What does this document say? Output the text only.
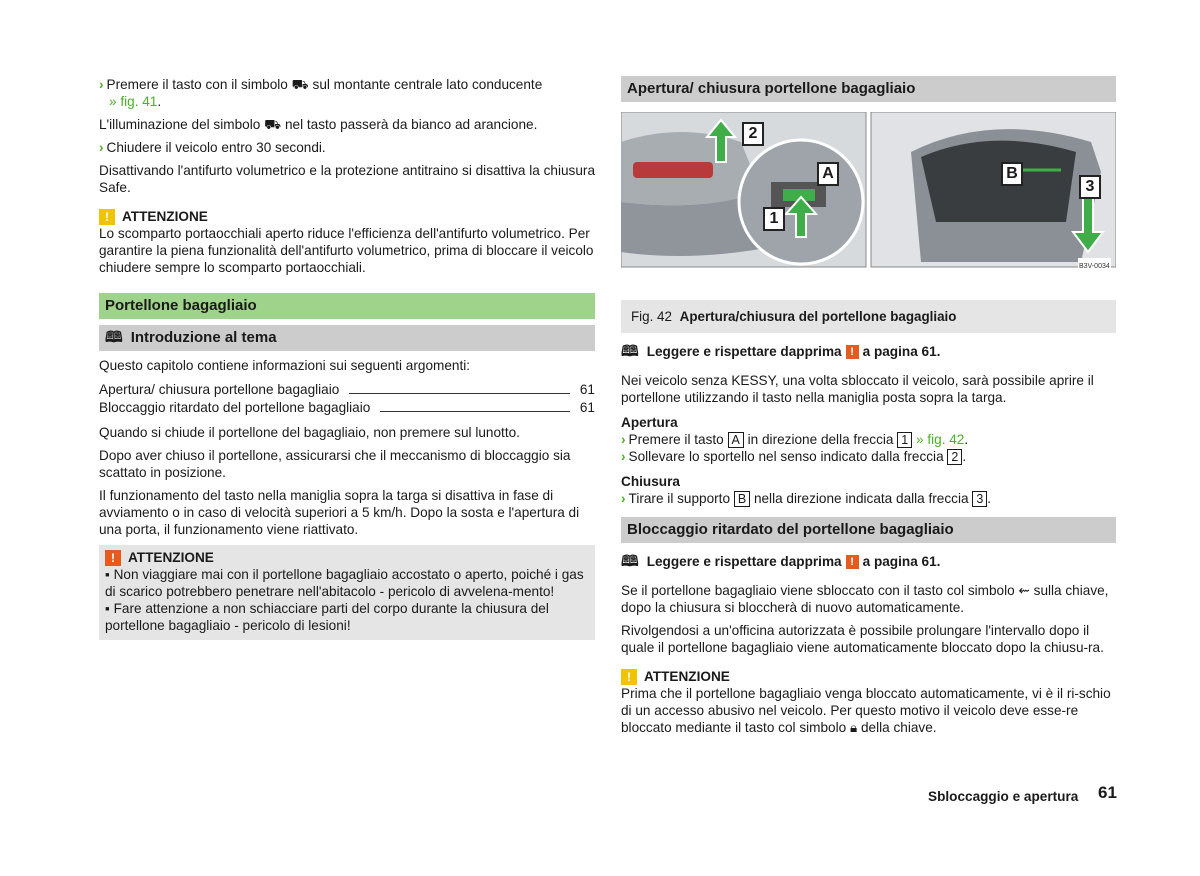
› Premere il tasto con il simbolo ⛟ sul montante centrale lato conducente
» fig. 41.

L'illuminazione del simbolo ⛟ nel tasto passerà da bianco ad arancione.

› Chiudere il veicolo entro 30 secondi.

Disattivando l'antifurto volumetrico e la protezione antitraino si disattiva la chiusura Safe.

! ATTENZIONE

Lo scomparto portaocchiali aperto riduce l'efficienza dell'antifurto volumetrico. Per garantire la piena funzionalità dell'antifurto volumetrico, prima di bloccare il veicolo chiudere sempre lo scomparto portaocchiali.

Portellone bagagliaio
🕮 Introduzione al tema

Questo capitolo contiene informazioni sui seguenti argomenti:

Apertura/ chiusura portellone bagagliaio	61
Bloccaggio ritardato del portellone bagagliaio	61

Quando si chiude il portellone del bagagliaio, non premere sul lunotto.

Dopo aver chiuso il portellone, assicurarsi che il meccanismo di bloccaggio sia scattato in posizione.

Il funzionamento del tasto nella maniglia sopra la targa si disattiva in fase di avviamento o in caso di velocità superiori a 5 km/h. Dopo la sosta e l'apertura di una porta, il funzionamento viene riattivato.

! ATTENZIONE

▪ Non viaggiare mai con il portellone bagagliaio accostato o aperto, poiché i gas di scarico potrebbero penetrare nell'abitacolo - pericolo di avvelena-mento!

▪ Fare attenzione a non schiacciare parti del corpo durante la chiusura del portellone bagagliaio - pericolo di lesioni!

Apertura/ chiusura portellone bagagliaio
2
A
1
B
3
B3V-0034
Fig. 42 Apertura/chiusura del portellone bagagliaio
🕮 Leggere e rispettare dapprima ! a pagina 61.

Nei veicolo senza KESSY, una volta sbloccato il veicolo, sarà possibile aprire il portellone utilizzando il tasto nella maniglia posta sopra la targa.

Apertura

› Premere il tasto A in direzione della freccia 1 » fig. 42.

› Sollevare lo sportello nel senso indicato dalla freccia 2 .

Chiusura

› Tirare il supporto B nella direzione indicata dalla freccia 3 .

Bloccaggio ritardato del portellone bagagliaio
🕮 Leggere e rispettare dapprima ! a pagina 61.

Se il portellone bagagliaio viene sbloccato con il tasto col simbolo ⇜ sulla chiave, dopo la chiusura si bloccherà di nuovo automaticamente.

Rivolgendosi a un'officina autorizzata è possibile prolungare l'intervallo dopo il quale il portellone bagagliaio viene automaticamente bloccato dopo la chiusu-ra.

! ATTENZIONE

Prima che il portellone bagagliaio venga bloccato automaticamente, vi è il ri-schio di un accesso abusivo nel veicolo. Per questo motivo il veicolo deve esse-re bloccato mediante il tasto col simbolo 🔒︎ della chiave.

Sbloccaggio e apertura 61
